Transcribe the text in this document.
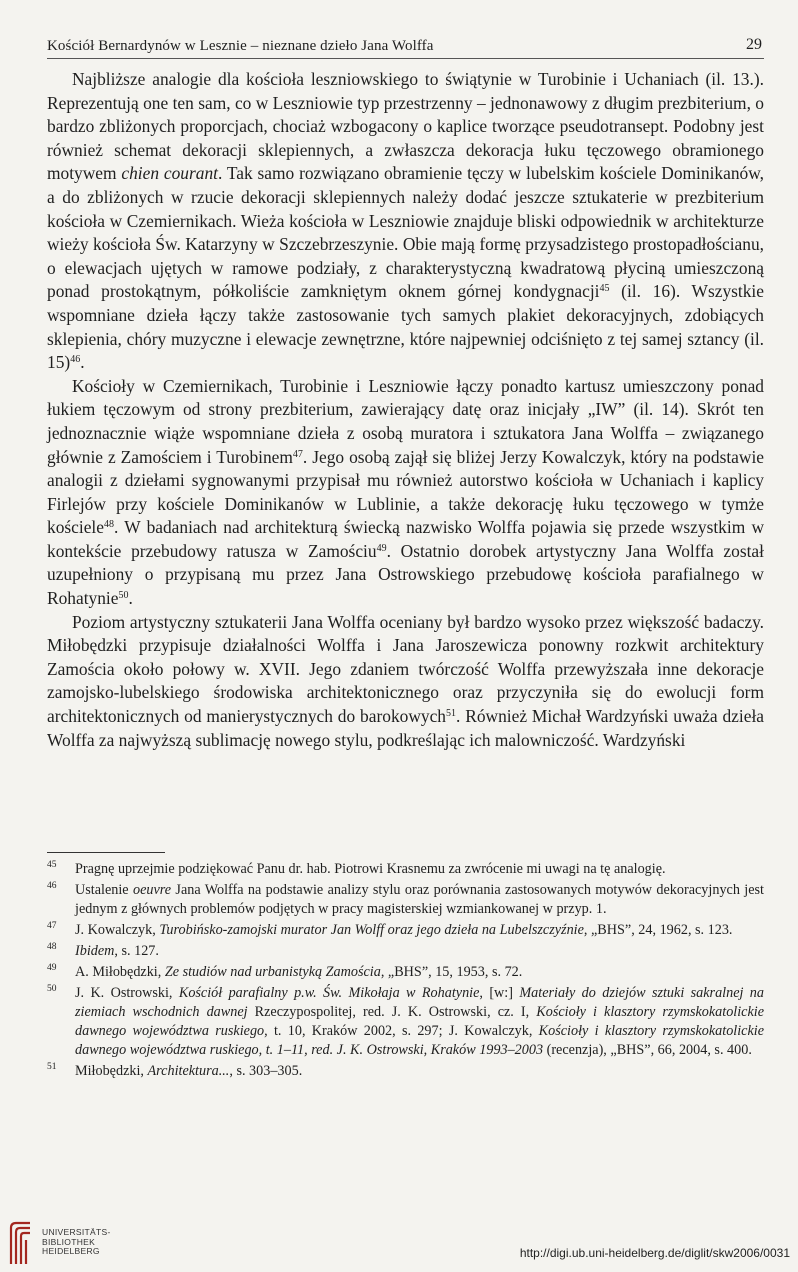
Kościół Bernardynów w Lesznie – nieznane dzieło Jana Wolffa	29

Najbliższe analogie dla kościoła leszniowskiego to świątynie w Turobinie i Uchaniach (il. 13.). Reprezentują one ten sam, co w Leszniowie typ przestrzenny – jednonawowy z długim prezbiterium, o bardzo zbliżonych proporcjach, chociaż wzbogacony o kaplice tworzące pseudotransept. Podobny jest również schemat dekoracji sklepiennych, a zwłaszcza dekoracja łuku tęczowego obramionego motywem chien courant. Tak samo rozwiązano obramienie tęczy w lubelskim kościele Dominikanów, a do zbliżonych w rzucie dekoracji sklepiennych należy dodać jeszcze sztukaterie w prezbiterium kościoła w Czemiernikach. Wieża kościoła w Leszniowie znajduje bliski odpowiednik w architekturze wieży kościoła Św. Katarzyny w Szczebrzeszynie. Obie mają formę przysadzistego prostopadłościanu, o elewacjach ujętych w ramowe podziały, z charakterystyczną kwadratową płyciną umieszczoną ponad prostokątnym, półkoliście zamkniętym oknem górnej kondygnacji$^{45}$ (il. 16). Wszystkie wspomniane dzieła łączy także zastosowanie tych samych plakiet dekoracyjnych, zdobiących sklepienia, chóry muzyczne i elewacje zewnętrzne, które najpewniej odciśnięto z tej samej sztancy (il. 15)$^{46}$.

Kościoły w Czemiernikach, Turobinie i Leszniowie łączy ponadto kartusz umieszczony ponad łukiem tęczowym od strony prezbiterium, zawierający datę oraz inicjały „IW” (il. 14). Skrót ten jednoznacznie wiąże wspomniane dzieła z osobą muratora i sztukatora Jana Wolffa – związanego głównie z Zamościem i Turobinem$^{47}$. Jego osobą zajął się bliżej Jerzy Kowalczyk, który na podstawie analogii z dziełami sygnowanymi przypisał mu również autorstwo kościoła w Uchaniach i kaplicy Firlejów przy kościele Dominikanów w Lublinie, a także dekorację łuku tęczowego w tymże kościele$^{48}$. W badaniach nad architekturą świecką nazwisko Wolffa pojawia się przede wszystkim w kontekście przebudowy ratusza w Zamościu$^{49}$. Ostatnio dorobek artystyczny Jana Wolffa został uzupełniony o przypisaną mu przez Jana Ostrowskiego przebudowę kościoła parafialnego w Rohatynie$^{50}$.

Poziom artystyczny sztukaterii Jana Wolffa oceniany był bardzo wysoko przez większość badaczy. Miłobędzki przypisuje działalności Wolffa i Jana Jaroszewicza ponowny rozkwit architektury Zamościa około połowy w. XVII. Jego zdaniem twórczość Wolffa przewyższała inne dekoracje zamojsko-lubelskiego środowiska architektonicznego oraz przyczyniła się do ewolucji form architektonicznych od manierystycznych do barokowych$^{51}$. Również Michał Wardzyński uważa dzieła Wolffa za najwyższą sublimację nowego stylu, podkreślając ich malowniczość. Wardzyński

45 Pragnę uprzejmie podziękować Panu dr. hab. Piotrowi Krasnemu za zwrócenie mi uwagi na tę analogię.
46 Ustalenie oeuvre Jana Wolffa na podstawie analizy stylu oraz porównania zastosowanych motywów dekoracyjnych jest jednym z głównych problemów podjętych w pracy magisterskiej wzmiankowanej w przyp. 1.
47 J. Kowalczyk, Turobińsko-zamojski murator Jan Wolff oraz jego dzieła na Lubelszczyźnie, „BHS”, 24, 1962, s. 123.
48 Ibidem, s. 127.
49 A. Miłobędzki, Ze studiów nad urbanistyką Zamościa, „BHS”, 15, 1953, s. 72.
50 J. K. Ostrowski, Kościół parafialny p.w. Św. Mikołaja w Rohatynie, [w:] Materiały do dziejów sztuki sakralnej na ziemiach wschodnich dawnej Rzeczypospolitej, red. J. K. Ostrowski, cz. I, Kościoły i klasztory rzymskokatolickie dawnego województwa ruskiego, t. 10, Kraków 2002, s. 297; J. Kowalczyk, Kościoły i klasztory rzymskokatolickie dawnego województwa ruskiego, t. 1–11, red. J. K. Ostrowski, Kraków 1993–2003 (recenzja), „BHS”, 66, 2004, s. 400.
51 Miłobędzki, Architektura..., s. 303–305.
UNIVERSITÄTS-
BIBLIOTHEK
HEIDELBERG	http://digi.ub.uni-heidelberg.de/diglit/skw2006/0031
